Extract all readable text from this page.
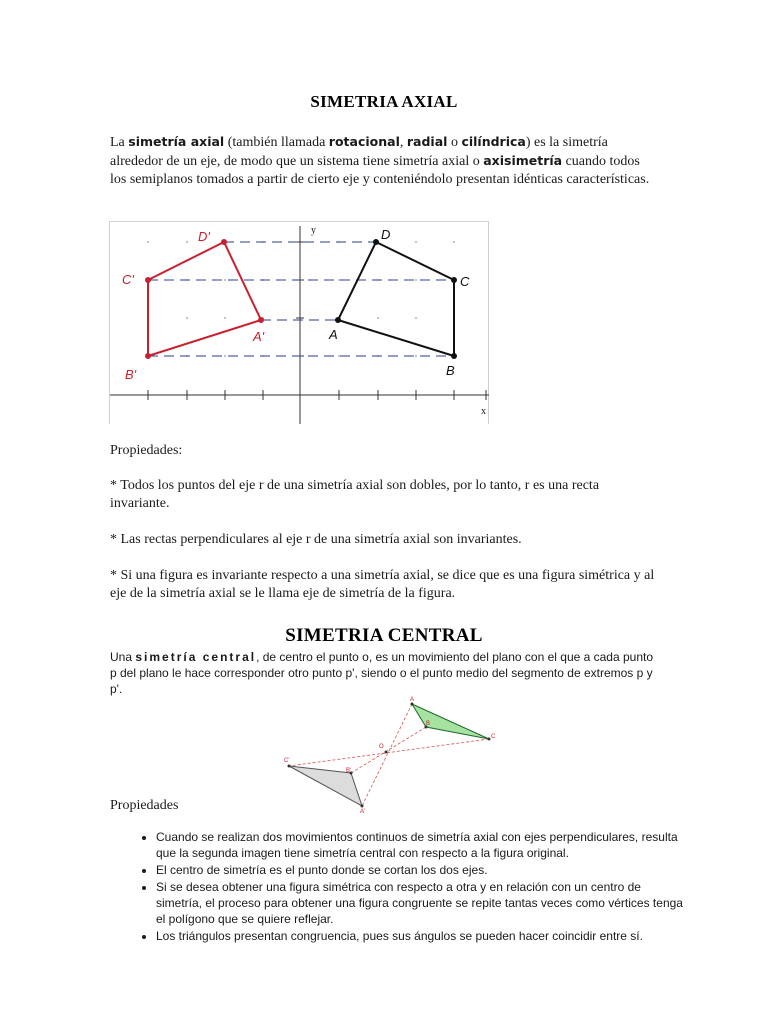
SIMETRIA AXIAL

La simetría axial (también llamada rotacional, radial o cilíndrica) es la simetría alrededor de un eje, de modo que un sistema tiene simetría axial o axisimetría cuando todos los semiplanos tomados a partir de cierto eje y conteniéndolo presentan idénticas características.

D'
C'
A'
B'
D
C
A
B
y
x

Propiedades:

* Todos los puntos del eje r de una simetría axial son dobles, por lo tanto, r es una recta invariante.

* Las rectas perpendiculares al eje r de una simetría axial son invariantes.

* Si una figura es invariante respecto a una simetría axial, se dice que es una figura simétrica y al eje de la simetría axial se le llama eje de simetría de la figura.

SIMETRIA CENTRAL

Una simetría central, de centro el punto o, es un movimiento del plano con el que a cada punto p del plano le hace corresponder otro punto p', siendo o el punto medio del segmento de extremos p y p'.

A
B
C
O
C'
B'
A'

Propiedades

• Cuando se realizan dos movimientos continuos de simetría axial con ejes perpendiculares, resulta que la segunda imagen tiene simetría central con respecto a la figura original.
• El centro de simetría es el punto donde se cortan los dos ejes.
• Si se desea obtener una figura simétrica con respecto a otra y en relación con un centro de simetría, el proceso para obtener una figura congruente se repite tantas veces como vértices tenga el polígono que se quiere reflejar.
• Los triángulos presentan congruencia, pues sus ángulos se pueden hacer coincidir entre sí.
